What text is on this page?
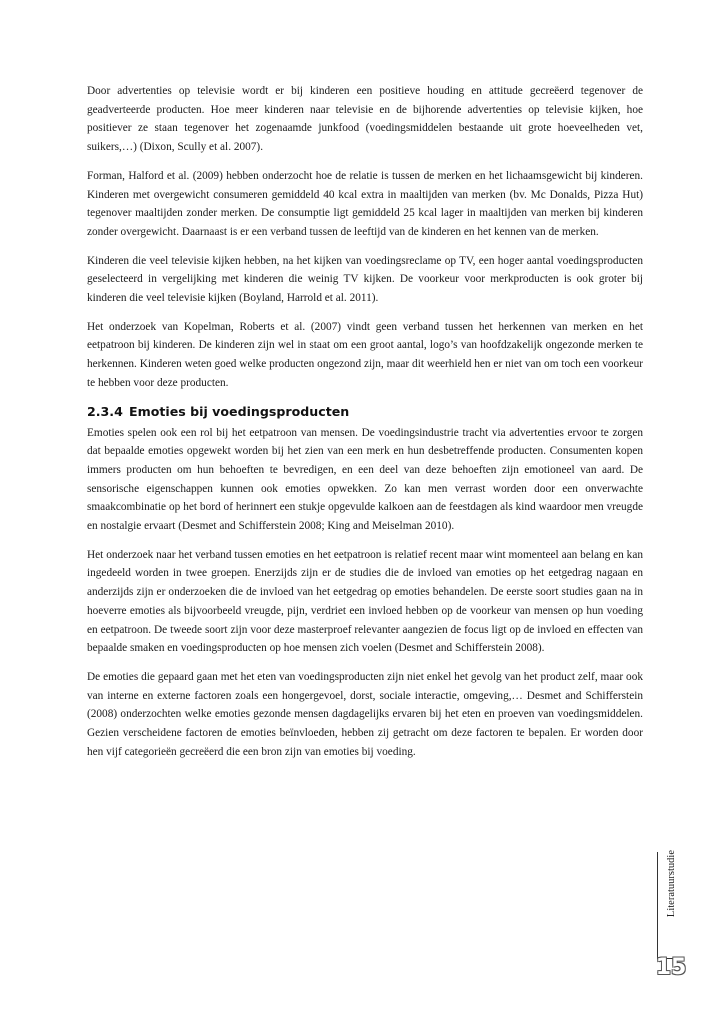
Door advertenties op televisie wordt er bij kinderen een positieve houding en attitude gecreëerd tegenover de geadverteerde producten. Hoe meer kinderen naar televisie en de bijhorende advertenties op televisie kijken, hoe positiever ze staan tegenover het zogenaamde junkfood (voedingsmiddelen bestaande uit grote hoeveelheden vet, suikers,…) (Dixon, Scully et al. 2007).

Forman, Halford et al. (2009) hebben onderzocht hoe de relatie is tussen de merken en het lichaamsgewicht bij kinderen. Kinderen met overgewicht consumeren gemiddeld 40 kcal extra in maaltijden van merken (bv. Mc Donalds, Pizza Hut) tegenover maaltijden zonder merken. De consumptie ligt gemiddeld 25 kcal lager in maaltijden van merken bij kinderen zonder overgewicht. Daarnaast is er een verband tussen de leeftijd van de kinderen en het kennen van de merken.

Kinderen die veel televisie kijken hebben, na het kijken van voedingsreclame op TV, een hoger aantal voedingsproducten geselecteerd in vergelijking met kinderen die weinig TV kijken. De voorkeur voor merkproducten is ook groter bij kinderen die veel televisie kijken (Boyland, Harrold et al. 2011).

Het onderzoek van Kopelman, Roberts et al. (2007) vindt geen verband tussen het herkennen van merken en het eetpatroon bij kinderen. De kinderen zijn wel in staat om een groot aantal, logo’s van hoofdzakelijk ongezonde merken te herkennen. Kinderen weten goed welke producten ongezond zijn, maar dit weerhield hen er niet van om toch een voorkeur te hebben voor deze producten.

2.3.4 Emoties bij voedingsproducten

Emoties spelen ook een rol bij het eetpatroon van mensen. De voedingsindustrie tracht via advertenties ervoor te zorgen dat bepaalde emoties opgewekt worden bij het zien van een merk en hun desbetreffende producten. Consumenten kopen immers producten om hun behoeften te bevredigen, en een deel van deze behoeften zijn emotioneel van aard. De sensorische eigenschappen kunnen ook emoties opwekken. Zo kan men verrast worden door een onverwachte smaakcombinatie op het bord of herinnert een stukje opgevulde kalkoen aan de feestdagen als kind waardoor men vreugde en nostalgie ervaart (Desmet and Schifferstein 2008; King and Meiselman 2010).

Het onderzoek naar het verband tussen emoties en het eetpatroon is relatief recent maar wint momenteel aan belang en kan ingedeeld worden in twee groepen. Enerzijds zijn er de studies die de invloed van emoties op het eetgedrag nagaan en anderzijds zijn er onderzoeken die de invloed van het eetgedrag op emoties behandelen. De eerste soort studies gaan na in hoeverre emoties als bijvoorbeeld vreugde, pijn, verdriet een invloed hebben op de voorkeur van mensen op hun voeding en eetpatroon. De tweede soort zijn voor deze masterproef relevanter aangezien de focus ligt op de invloed en effecten van bepaalde smaken en voedingsproducten op hoe mensen zich voelen (Desmet and Schifferstein 2008).

De emoties die gepaard gaan met het eten van voedingsproducten zijn niet enkel het gevolg van het product zelf, maar ook van interne en externe factoren zoals een hongergevoel, dorst, sociale interactie, omgeving,… Desmet and Schifferstein (2008) onderzochten welke emoties gezonde mensen dagdagelijks ervaren bij het eten en proeven van voedingsmiddelen. Gezien verscheidene factoren de emoties beïnvloeden, hebben zij getracht om deze factoren te bepalen. Er worden door hen vijf categorieën gecreëerd die een bron zijn van emoties bij voeding.

Literatuurstudie
15
